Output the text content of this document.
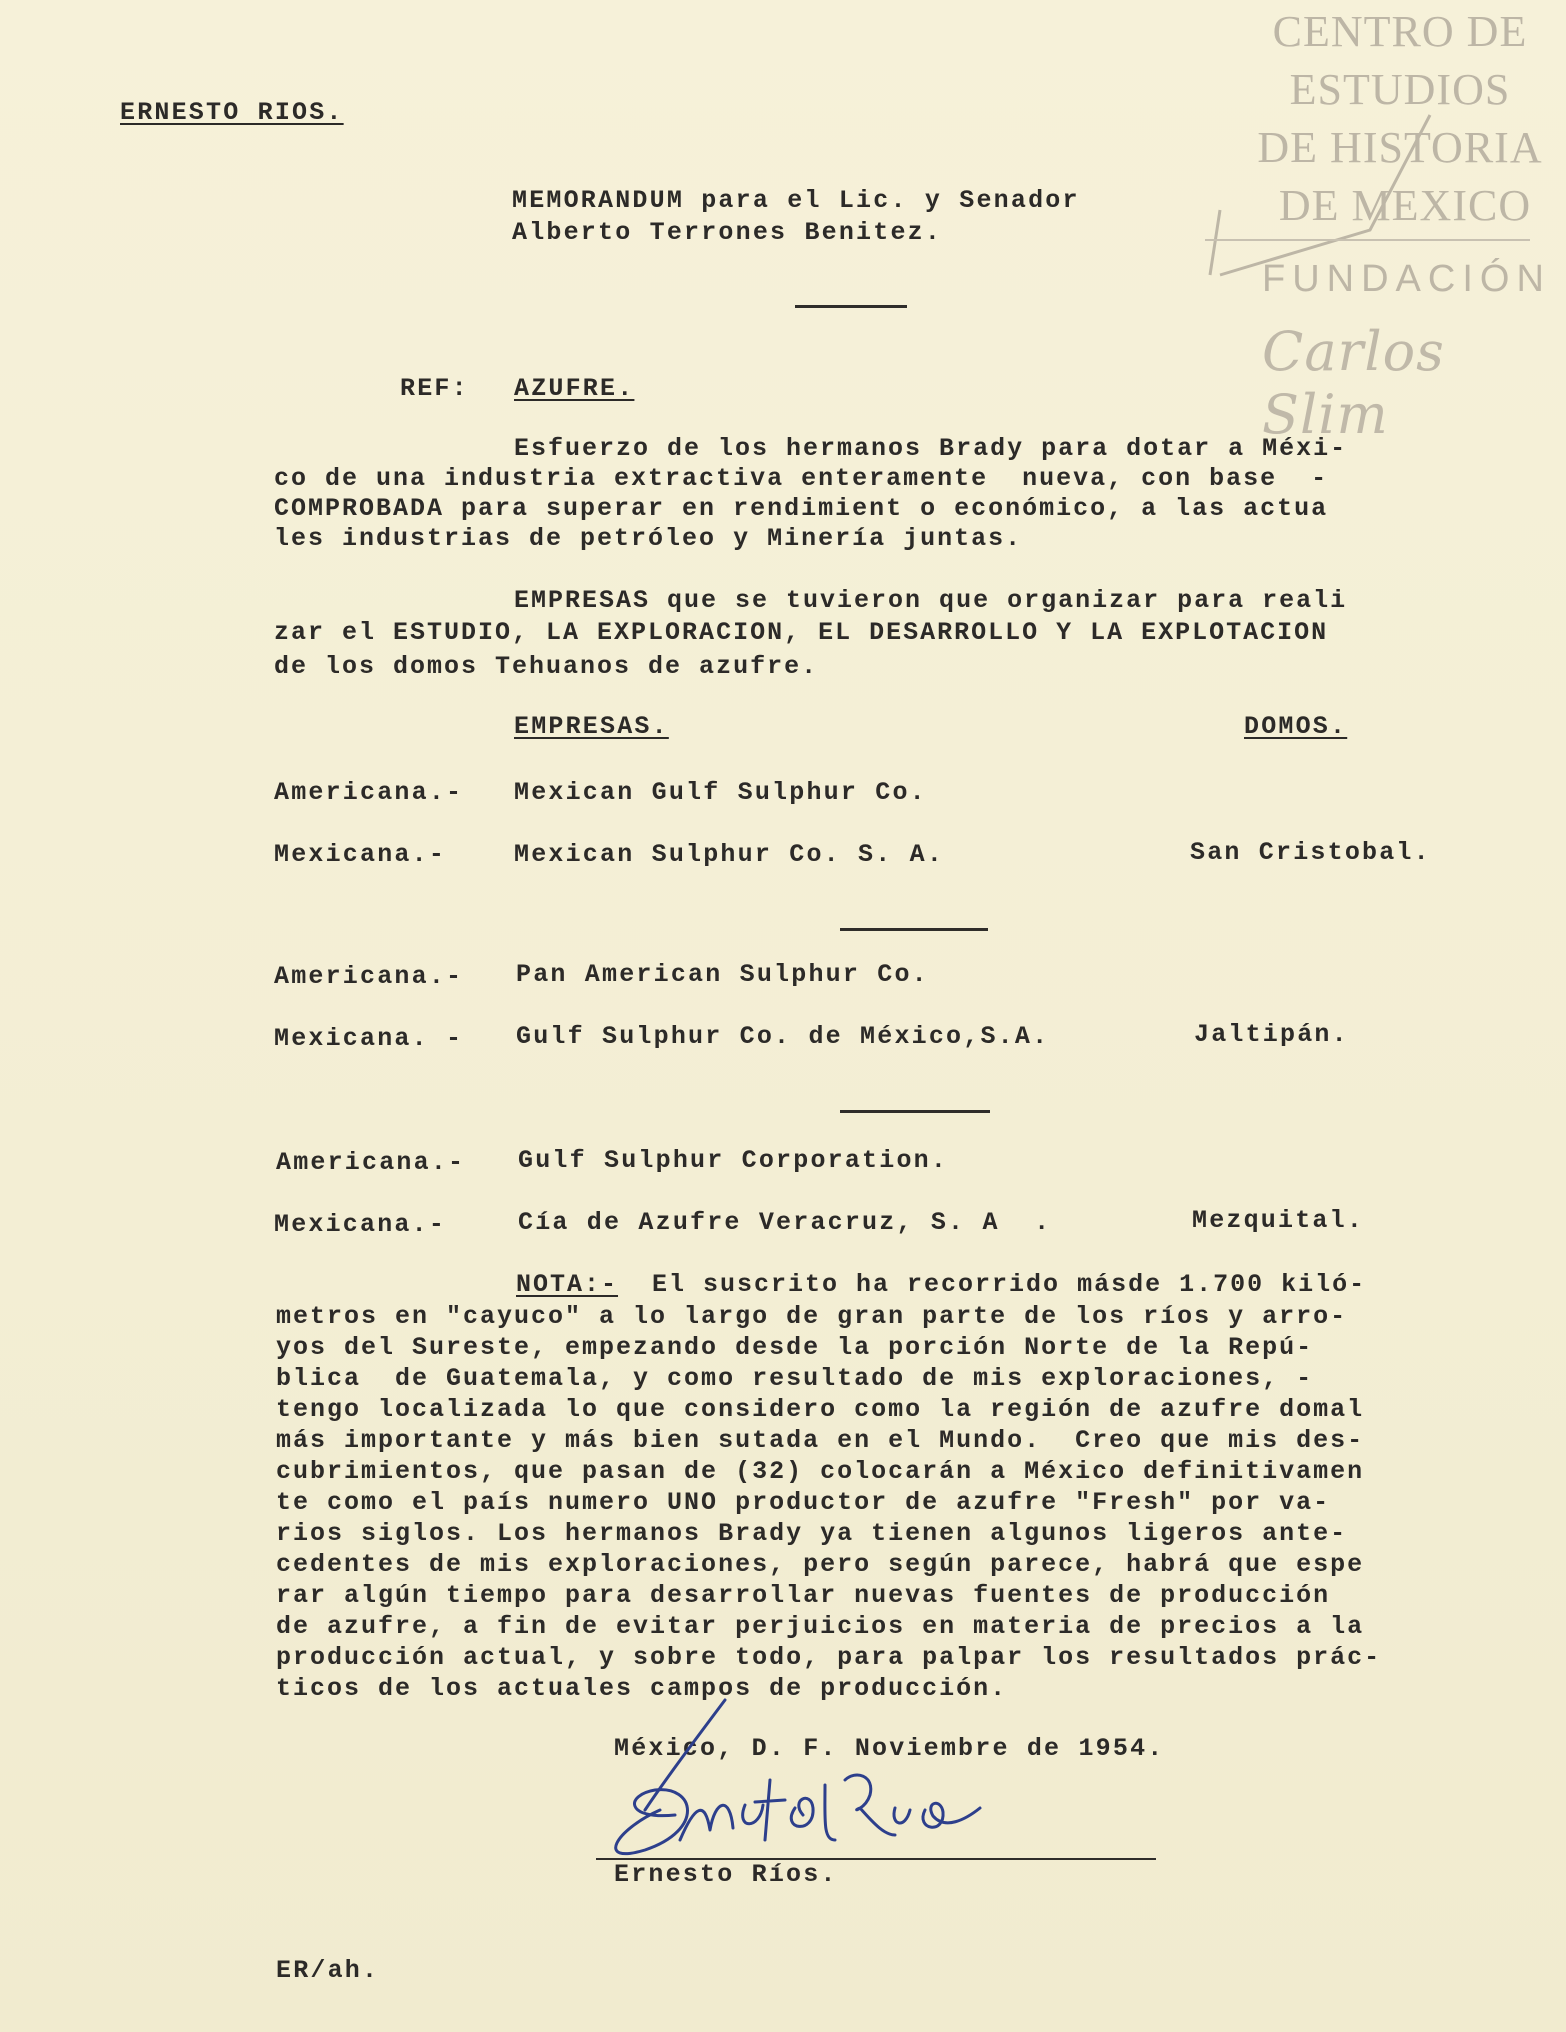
CENTRO DE
ESTUDIOS
DE HISTORIA
DE MEXICO
FUNDACIÓN
Carlos Slim
ERNESTO RIOS.
MEMORANDUM para el Lic. y Senador
Alberto Terrones Benitez.
REF: AZUFRE.
Esfuerzo de los hermanos Brady para dotar a Méxi-
co de una industria extractiva enteramente  nueva, con base  -
COMPROBADA para superar en rendimient o económico, a las actua
les industrias de petróleo y Minería juntas.
EMPRESAS que se tuvieron que organizar para reali
zar el ESTUDIO, LA EXPLORACION, EL DESARROLLO Y LA EXPLOTACION
de los domos Tehuanos de azufre.
EMPRESAS.	DOMOS.
Americana.- Mexican Gulf Sulphur Co.
Mexicana.-	Mexican Sulphur Co. S. A.	San Cristobal.
Americana.- Pan American Sulphur Co.
Mexicana. - Gulf Sulphur Co. de México,S.A.	Jaltipán.
Americana.- Gulf Sulphur Corporation.
Mexicana.-	Cía de Azufre Veracruz, S. A  .	Mezquital.
NOTA:- El suscrito ha recorrido másde 1.700 kiló-
metros en "cayuco" a lo largo de gran parte de los ríos y arro-
yos del Sureste, empezando desde la porción Norte de la Repú-
blica  de Guatemala, y como resultado de mis exploraciones, -
tengo localizada lo que considero como la región de azufre domal
más importante y más bien sutada en el Mundo.  Creo que mis des-
cubrimientos, que pasan de (32) colocarán a México definitivamen
te como el país numero UNO productor de azufre "Fresh" por va-
rios siglos. Los hermanos Brady ya tienen algunos ligeros ante-
cedentes de mis exploraciones, pero según parece, habrá que espe
rar algún tiempo para desarrollar nuevas fuentes de producción
de azufre, a fin de evitar perjuicios en materia de precios a la
producción actual, y sobre todo, para palpar los resultados prác-
ticos de los actuales campos de producción.
México, D. F. Noviembre de 1954.
Ernesto Ríos.
ER/ah.
